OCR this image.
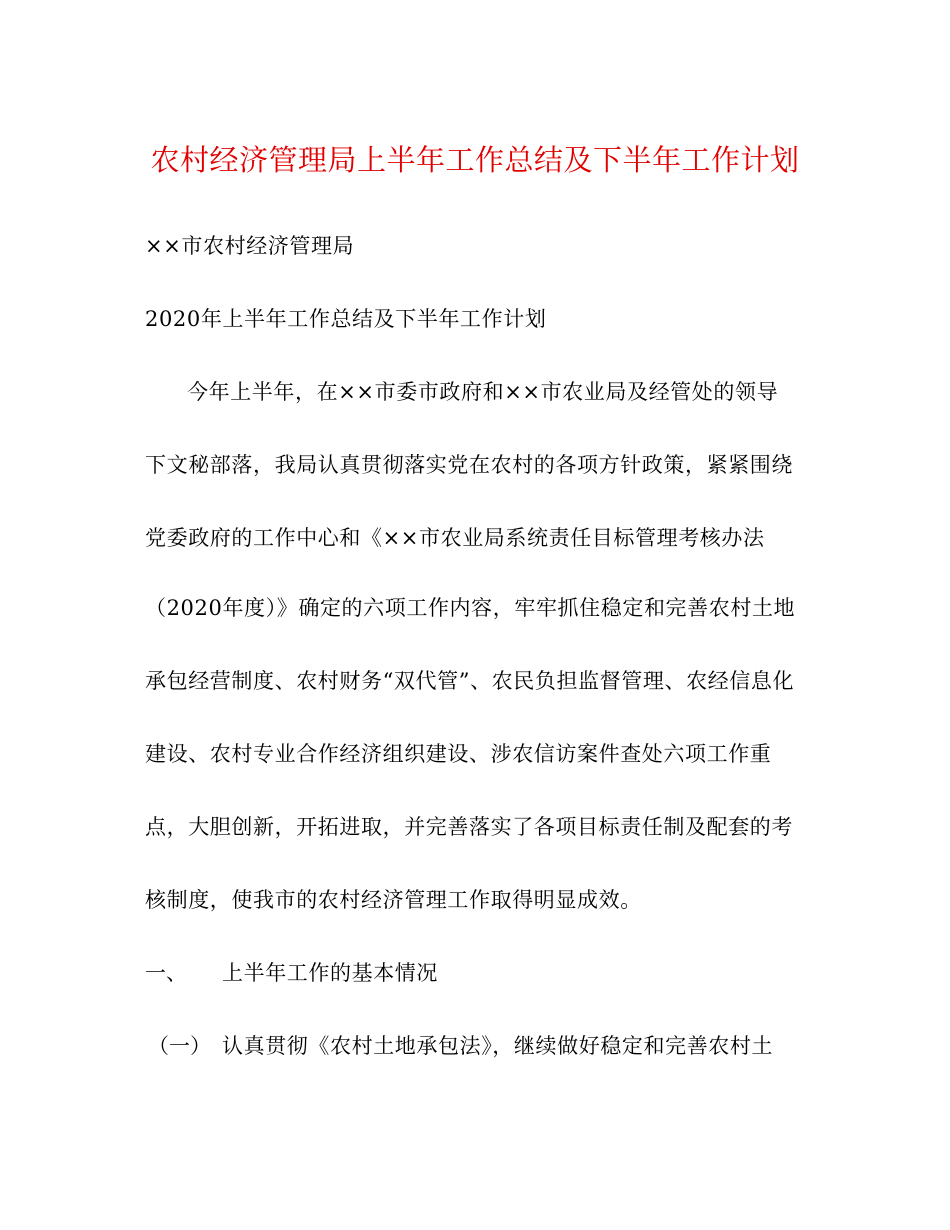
农村经济管理局上半年工作总结及下半年工作计划
××市农村经济管理局
2020年上半年工作总结及下半年工作计划
今年上半年，在××市委市政府和××市农业局及经管处的领导
下文秘部落，我局认真贯彻落实党在农村的各项方针政策，紧紧围绕
党委政府的工作中心和《××市农业局系统责任目标管理考核办法
（2020年度）》确定的六项工作内容，牢牢抓住稳定和完善农村土地
承包经营制度、农村财务“双代管”、农民负担监督管理、农经信息化
建设、农村专业合作经济组织建设、涉农信访案件查处六项工作重
点，大胆创新，开拓进取，并完善落实了各项目标责任制及配套的考
核制度，使我市的农村经济管理工作取得明显成效。
一、 上半年工作的基本情况
（一） 认真贯彻《农村土地承包法》，继续做好稳定和完善农村土
